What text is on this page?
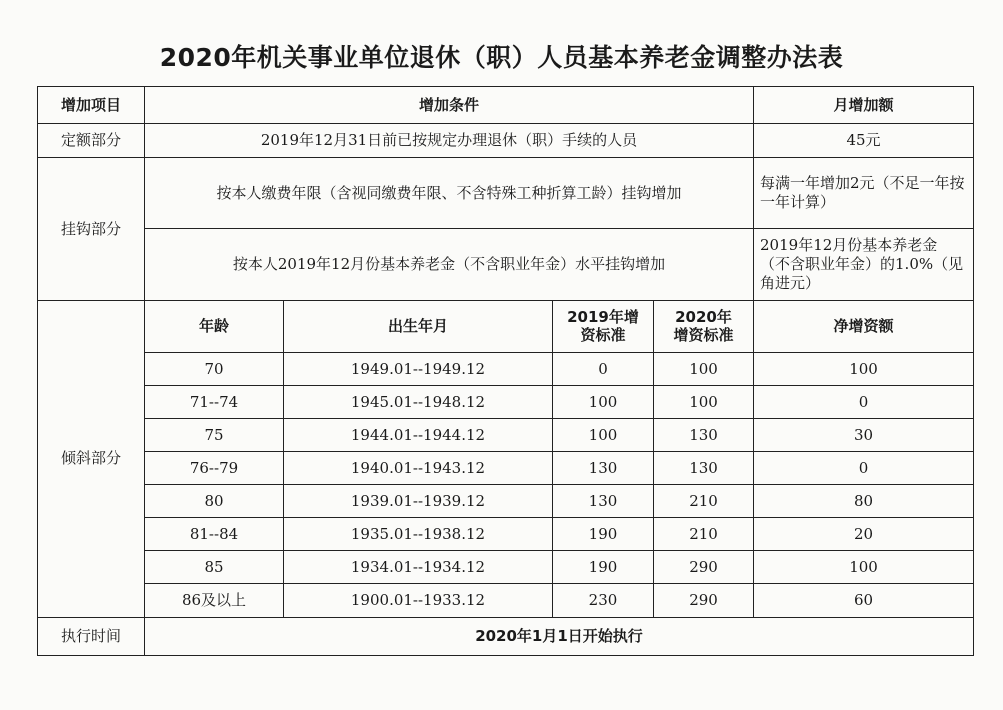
2020年机关事业单位退休（职）人员基本养老金调整办法表
增加项目	增加条件				月增加额
定额部分	2019年12月31日前已按规定办理退休（职）手续的人员				45元
挂钩部分	按本人缴费年限（含视同缴费年限、不含特殊工种折算工龄）挂钩增加				每满一年增加2元（不足一年按一年计算）
	按本人2019年12月份基本养老金（不含职业年金）水平挂钩增加				2019年12月份基本养老金（不含职业年金）的1.0%（见角进元）
倾斜部分	年龄	出生年月	2019年增资标准	2020年增资标准	净增资额
	70	1949.01--1949.12	0	100	100
	71--74	1945.01--1948.12	100	100	0
	75	1944.01--1944.12	100	130	30
	76--79	1940.01--1943.12	130	130	0
	80	1939.01--1939.12	130	210	80
	81--84	1935.01--1938.12	190	210	20
	85	1934.01--1934.12	190	290	100
	86及以上	1900.01--1933.12	230	290	60
执行时间	2020年1月1日开始执行				
